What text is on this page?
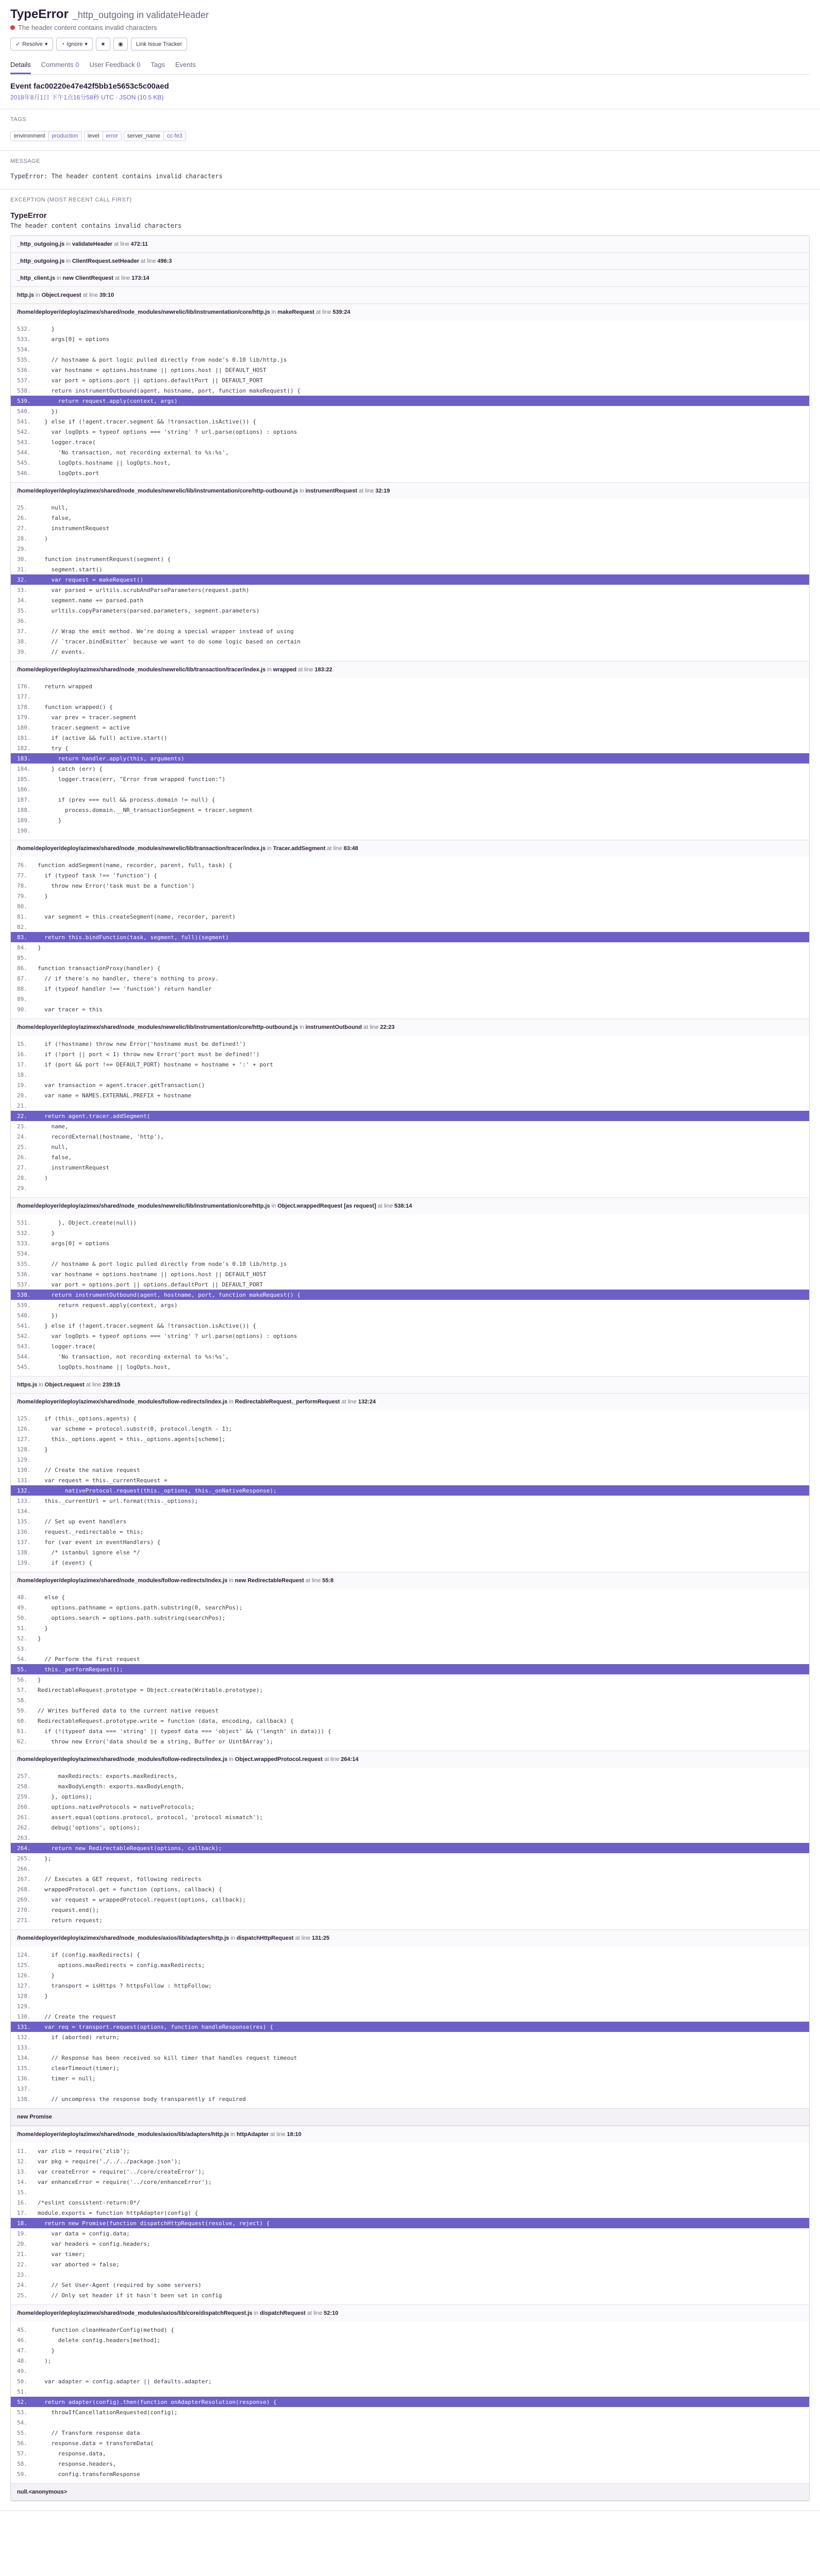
TypeError _http_outgoing in validateHeader
The header content contains invalid characters
✓ Resolve ▾ ◔ Ignore ▾ ★ ◉ Link Issue Tracker
Details Comments 0 User Feedback 0 Tags Events
Event fac00220e47e42f5bb1e5653c5c00aed
2018年8月1日 下午1点16分58秒 UTC · JSON (10.5 KB)
TAGS
environment	production	level	error	server_name	cc-fe3
MESSAGE
TypeError: The header content contains invalid characters
EXCEPTION (MOST RECENT CALL FIRST)
TypeError
The header content contains invalid characters
_http_outgoing.js in validateHeader at line 472:11
_http_outgoing.js in ClientRequest.setHeader at line 496:3
_http_client.js in new ClientRequest at line 173:14
http.js in Object.request at line 39:10
/home/deployer/deploy/azimex/shared/node_modules/newrelic/lib/instrumentation/core/http.js in makeRequest at line 539:24
532.	}
533.	args[0] = options
534.
535.	// hostname & port logic pulled directly from node's 0.10 lib/http.js
536.	var hostname = options.hostname || options.host || DEFAULT_HOST
537.	var port = options.port || options.defaultPort || DEFAULT_PORT
538.	return instrumentOutbound(agent, hostname, port, function makeRequest() {
539.	return request.apply(context, args)
540.	})
541.	} else if (!agent.tracer.segment && !transaction.isActive()) {
542.	var logOpts = typeof options === 'string' ? url.parse(options) : options
543.	logger.trace(
544.	'No transaction, not recording external to %s:%s',
545.	logOpts.hostname || logOpts.host,
546.	logOpts.port
/home/deployer/deploy/azimex/shared/node_modules/newrelic/lib/instrumentation/core/http-outbound.js in instrumentRequest at line 32:19
25.	null,
26.	false,
27.	instrumentRequest
28.	)
29.
30.	function instrumentRequest(segment) {
31.	segment.start()
32.	var request = makeRequest()
33.	var parsed = urltils.scrubAndParseParameters(request.path)
34.	segment.name += parsed.path
35.	urltils.copyParameters(parsed.parameters, segment.parameters)
36.
37.	// Wrap the emit method. We're doing a special wrapper instead of using
38.	// `tracer.bindEmitter` because we want to do some logic based on certain
39.	// events.
/home/deployer/deploy/azimex/shared/node_modules/newrelic/lib/transaction/tracer/index.js in wrapped at line 183:22
176.	return wrapped
177.
178.	function wrapped() {
179.	var prev = tracer.segment
180.	tracer.segment = active
181.	if (active && full) active.start()
182.	try {
183.	return handler.apply(this, arguments)
184.	} catch (err) {
185.	logger.trace(err, "Error from wrapped function:")
186.
187.	if (prev === null && process.domain != null) {
188.	process.domain.__NR_transactionSegment = tracer.segment
189.	}
190.
/home/deployer/deploy/azimex/shared/node_modules/newrelic/lib/transaction/tracer/index.js in Tracer.addSegment at line 83:48
76.	function addSegment(name, recorder, parent, full, task) {
77.	if (typeof task !== 'function') {
78.	throw new Error('task must be a function')
79.	}
80.
81.	var segment = this.createSegment(name, recorder, parent)
82.
83.	return this.bindFunction(task, segment, full)(segment)
84.	}
85.
86.	function transactionProxy(handler) {
87.	// if there's no handler, there's nothing to proxy.
88.	if (typeof handler !== 'function') return handler
89.
90.	var tracer = this
/home/deployer/deploy/azimex/shared/node_modules/newrelic/lib/instrumentation/core/http-outbound.js in instrumentOutbound at line 22:23
15.	if (!hostname) throw new Error('hostname must be defined!')
16.	if (!port || port < 1) throw new Error('port must be defined!')
17.	if (port && port !== DEFAULT_PORT) hostname = hostname + ':' + port
18.
19.	var transaction = agent.tracer.getTransaction()
20.	var name = NAMES.EXTERNAL.PREFIX + hostname
21.
22.	return agent.tracer.addSegment(
23.	name,
24.	recordExternal(hostname, 'http'),
25.	null,
26.	false,
27.	instrumentRequest
28.	)
29.
/home/deployer/deploy/azimex/shared/node_modules/newrelic/lib/instrumentation/core/http.js in Object.wrappedRequest [as request] at line 538:14
531.	}, Object.create(null))
532.	}
533.	args[0] = options
534.
535.	// hostname & port logic pulled directly from node's 0.10 lib/http.js
536.	var hostname = options.hostname || options.host || DEFAULT_HOST
537.	var port = options.port || options.defaultPort || DEFAULT_PORT
538.	return instrumentOutbound(agent, hostname, port, function makeRequest() {
539.	return request.apply(context, args)
540.	})
541.	} else if (!agent.tracer.segment && !transaction.isActive()) {
542.	var logOpts = typeof options === 'string' ? url.parse(options) : options
543.	logger.trace(
544.	'No transaction, not recording external to %s:%s',
545.	logOpts.hostname || logOpts.host,
https.js in Object.request at line 239:15
/home/deployer/deploy/azimex/shared/node_modules/follow-redirects/index.js in RedirectableRequest._performRequest at line 132:24
125.	if (this._options.agents) {
126.	var scheme = protocol.substr(0, protocol.length - 1);
127.	this._options.agent = this._options.agents[scheme];
128.	}
129.
130.	// Create the native request
131.	var request = this._currentRequest =
132.	nativeProtocol.request(this._options, this._onNativeResponse);
133.	this._currentUrl = url.format(this._options);
134.
135.	// Set up event handlers
136.	request._redirectable = this;
137.	for (var event in eventHandlers) {
138.	/* istanbul ignore else */
139.	if (event) {
/home/deployer/deploy/azimex/shared/node_modules/follow-redirects/index.js in new RedirectableRequest at line 55:8
48.	else {
49.	options.pathname = options.path.substring(0, searchPos);
50.	options.search = options.path.substring(searchPos);
51.	}
52.	}
53.
54.	// Perform the first request
55.	this._performRequest();
56.	}
57.	RedirectableRequest.prototype = Object.create(Writable.prototype);
58.
59.	// Writes buffered data to the current native request
60.	RedirectableRequest.prototype.write = function (data, encoding, callback) {
61.	if (!(typeof data === 'string' || typeof data === 'object' && ('length' in data))) {
62.	throw new Error('data should be a string, Buffer or Uint8Array');
/home/deployer/deploy/azimex/shared/node_modules/follow-redirects/index.js in Object.wrappedProtocol.request at line 264:14
257.	maxRedirects: exports.maxRedirects,
258.	maxBodyLength: exports.maxBodyLength,
259.	}, options);
260.	options.nativeProtocols = nativeProtocols;
261.	assert.equal(options.protocol, protocol, 'protocol mismatch');
262.	debug('options', options);
263.
264.	return new RedirectableRequest(options, callback);
265.	};
266.
267.	// Executes a GET request, following redirects
268.	wrappedProtocol.get = function (options, callback) {
269.	var request = wrappedProtocol.request(options, callback);
270.	request.end();
271.	return request;
/home/deployer/deploy/azimex/shared/node_modules/axios/lib/adapters/http.js in dispatchHttpRequest at line 131:25
124.	if (config.maxRedirects) {
125.	options.maxRedirects = config.maxRedirects;
126.	}
127.	transport = isHttps ? httpsFollow : httpFollow;
128.	}
129.
130.	// Create the request
131.	var req = transport.request(options, function handleResponse(res) {
132.	if (aborted) return;
133.
134.	// Response has been received so kill timer that handles request timeout
135.	clearTimeout(timer);
136.	timer = null;
137.
138.	// uncompress the response body transparently if required
new Promise
/home/deployer/deploy/azimex/shared/node_modules/axios/lib/adapters/http.js in httpAdapter at line 18:10
11.	var zlib = require('zlib');
12.	var pkg = require('./../../package.json');
13.	var createError = require('../core/createError');
14.	var enhanceError = require('../core/enhanceError');
15.
16.	/*eslint consistent-return:0*/
17.	module.exports = function httpAdapter(config) {
18.	return new Promise(function dispatchHttpRequest(resolve, reject) {
19.	var data = config.data;
20.	var headers = config.headers;
21.	var timer;
22.	var aborted = false;
23.
24.	// Set User-Agent (required by some servers)
25.	// Only set header if it hasn't been set in config
/home/deployer/deploy/azimex/shared/node_modules/axios/lib/core/dispatchRequest.js in dispatchRequest at line 52:10
45.	function cleanHeaderConfig(method) {
46.	delete config.headers[method];
47.	}
48.	);
49.
50.	var adapter = config.adapter || defaults.adapter;
51.
52.	return adapter(config).then(function onAdapterResolution(response) {
53.	throwIfCancellationRequested(config);
54.
55.	// Transform response data
56.	response.data = transformData(
57.	response.data,
58.	response.headers,
59.	config.transformResponse
null.<anonymous>
